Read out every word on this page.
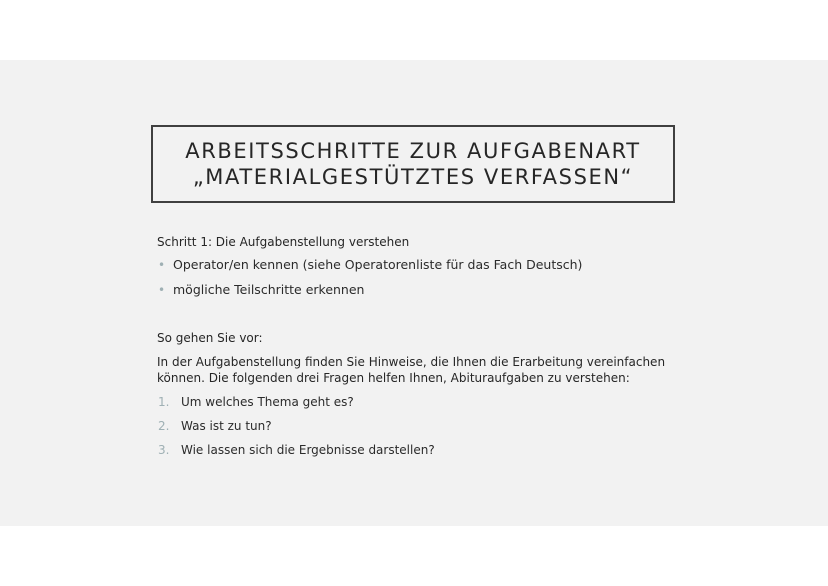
ARBEITSSCHRITTE ZUR AUFGABENART
„MATERIALGESTÜTZTES VERFASSEN“

Schritt 1: Die Aufgabenstellung verstehen

• Operator/en kennen (siehe Operatorenliste für das Fach Deutsch)
• mögliche Teilschritte erkennen

So gehen Sie vor:

In der Aufgabenstellung finden Sie Hinweise, die Ihnen die Erarbeitung vereinfachen können. Die folgenden drei Fragen helfen Ihnen, Abituraufgaben zu verstehen:

1. Um welches Thema geht es?
2. Was ist zu tun?
3. Wie lassen sich die Ergebnisse darstellen?
